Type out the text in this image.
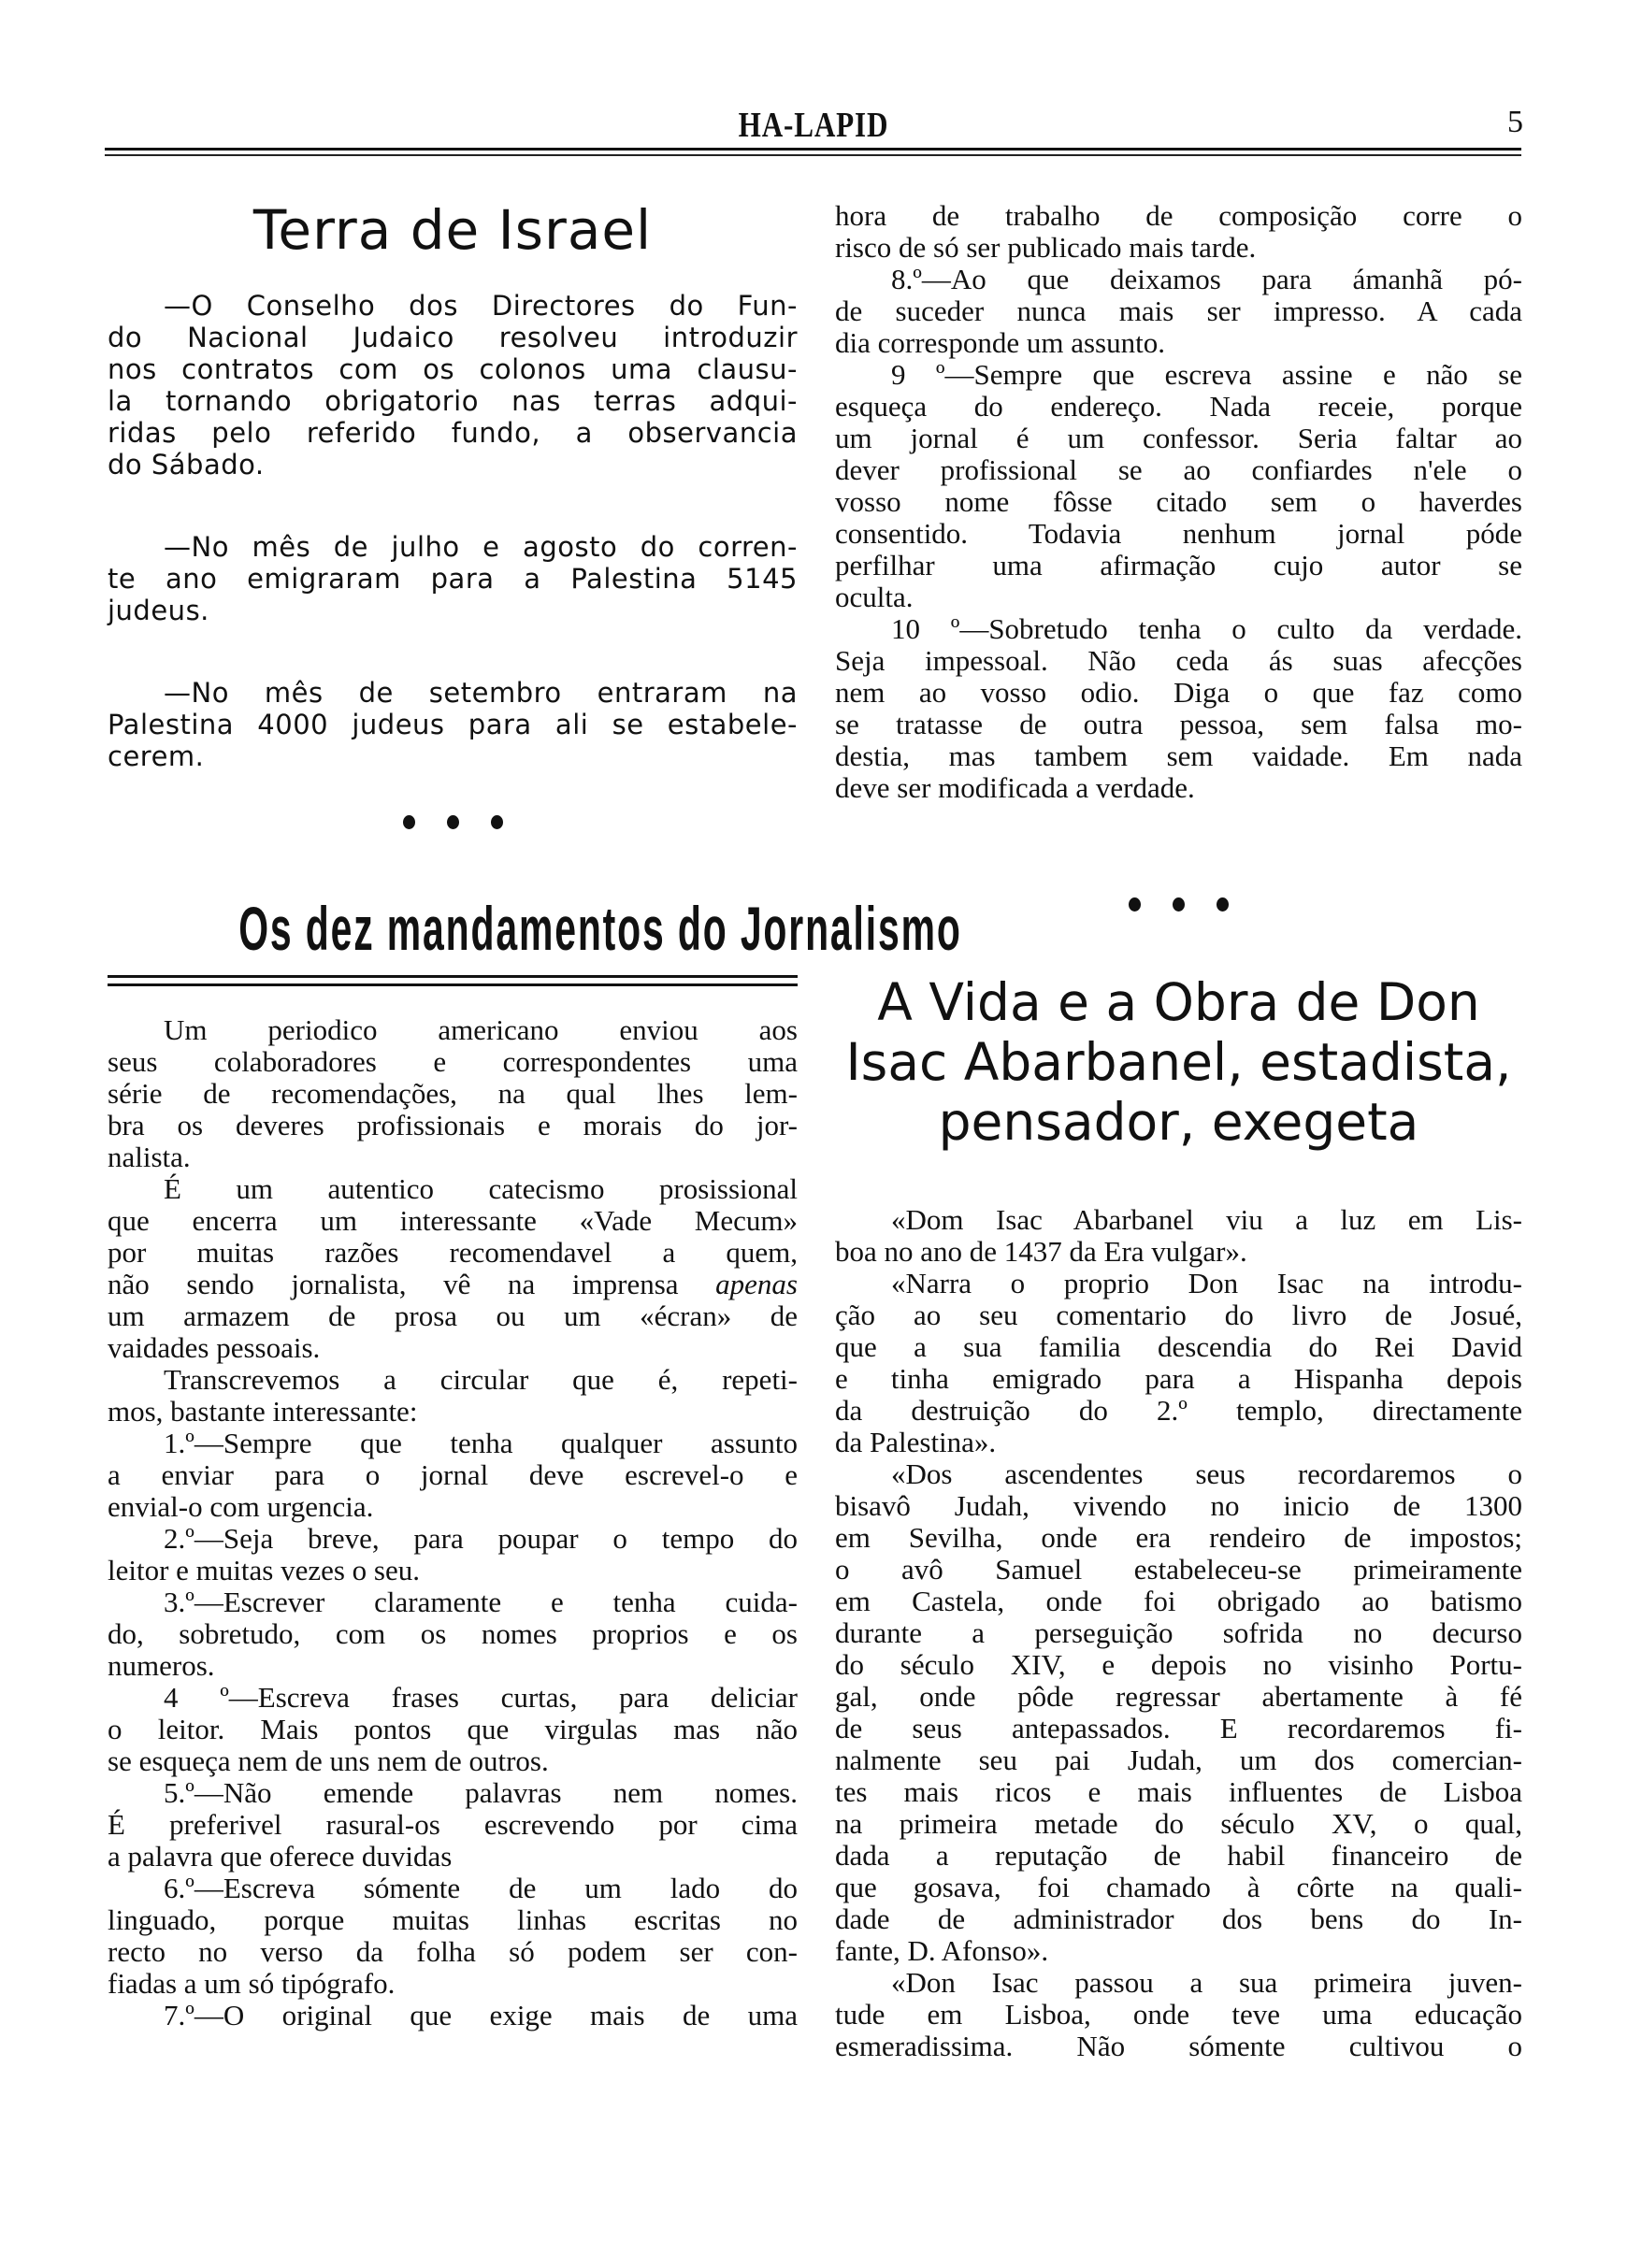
HA-LAPID	5
Terra de Israel
—O Conselho dos Directores do Fun-
do Nacional Judaico resolveu introduzir
nos contratos com os colonos uma clausu-
la tornando obrigatorio nas terras adqui-
ridas pelo referido fundo, a observancia
do Sábado.
—No mês de julho e agosto do corren-
te ano emigraram para a Palestina 5145
judeus.
—No mês de setembro entraram na
Palestina 4000 judeus para ali se estabele-
cerem.
Os dez mandamentos do Jornalismo
Um periodico americano enviou aos
seus colaboradores e correspondentes uma
série de recomendações, na qual lhes lem-
bra os deveres profissionais e morais do jor-
nalista.
É um autentico catecismo prosissional
que encerra um interessante «Vade Mecum»
por muitas razões recomendavel a quem,
não sendo jornalista, vê na imprensa apenas
um armazem de prosa ou um «écran» de
vaidades pessoais.
Transcrevemos a circular que é, repeti-
mos, bastante interessante:
1.º—Sempre que tenha qualquer assunto
a enviar para o jornal deve escrevel-o e
envial-o com urgencia.
2.º—Seja breve, para poupar o tempo do
leitor e muitas vezes o seu.
3.º—Escrever claramente e tenha cuida-
do, sobretudo, com os nomes proprios e os
numeros.
4 º—Escreva frases curtas, para deliciar
o leitor. Mais pontos que virgulas mas não
se esqueça nem de uns nem de outros.
5.º—Não emende palavras nem nomes.
É preferivel rasural-os escrevendo por cima
a palavra que oferece duvidas
6.º—Escreva sómente de um lado do
linguado, porque muitas linhas escritas no
recto no verso da folha só podem ser con-
fiadas a um só tipógrafo.
7.º—O original que exige mais de uma
hora de trabalho de composição corre o
risco de só ser publicado mais tarde.
8.º—Ao que deixamos para ámanhã pó-
de suceder nunca mais ser impresso. A cada
dia corresponde um assunto.
9 º—Sempre que escreva assine e não se
esqueça do endereço. Nada receie, porque
um jornal é um confessor. Seria faltar ao
dever profissional se ao confiardes n'ele o
vosso nome fôsse citado sem o haverdes
consentido. Todavia nenhum jornal póde
perfilhar uma afirmação cujo autor se
oculta.
10 º—Sobretudo tenha o culto da verdade.
Seja impessoal. Não ceda ás suas afecções
nem ao vosso odio. Diga o que faz como
se tratasse de outra pessoa, sem falsa mo-
destia, mas tambem sem vaidade. Em nada
deve ser modificada a verdade.
A Vida e a Obra de Don
Isac Abarbanel, estadista,
pensador, exegeta
«Dom Isac Abarbanel viu a luz em Lis-
boa no ano de 1437 da Era vulgar».
«Narra o proprio Don Isac na introdu-
ção ao seu comentario do livro de Josué,
que a sua familia descendia do Rei David
e tinha emigrado para a Hispanha depois
da destruição do 2.º templo, directamente
da Palestina».
«Dos ascendentes seus recordaremos o
bisavô Judah, vivendo no inicio de 1300
em Sevilha, onde era rendeiro de impostos;
o avô Samuel estabeleceu-se primeiramente
em Castela, onde foi obrigado ao batismo
durante a perseguição sofrida no decurso
do século XIV, e depois no visinho Portu-
gal, onde pôde regressar abertamente à fé
de seus antepassados. E recordaremos fi-
nalmente seu pai Judah, um dos comercian-
tes mais ricos e mais influentes de Lisboa
na primeira metade do século XV, o qual,
dada a reputação de habil financeiro de
que gosava, foi chamado à côrte na quali-
dade de administrador dos bens do In-
fante, D. Afonso».
«Don Isac passou a sua primeira juven-
tude em Lisboa, onde teve uma educação
esmeradissima. Não sómente cultivou o
